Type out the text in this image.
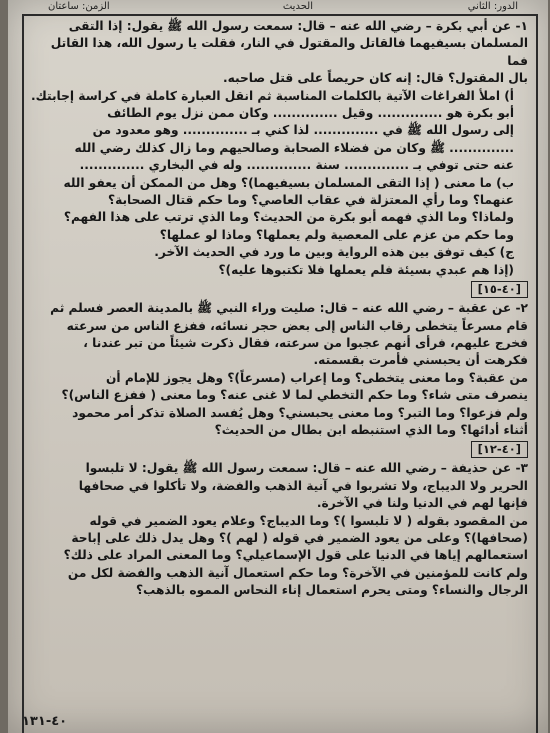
الزمن: ساعتان	الحديث	الدور: الثاني

١- عن أبي بكرة – رضي الله عنه – قال: سمعت رسول الله ﷺ يقول: إذا التقى

المسلمان بسيفيهما فالقاتل والمقتول في النار، فقلت يا رسول الله، هذا القاتل فما

بال المقتول؟ قال: إنه كان حريصاً على قتل صاحبه.

أ) املأ الفراغات الآتية بالكلمات المناسبة ثم انقل العبارة كاملة في كراسة إجابتك.

أبو بكرة هو .............. وقيل .............. وكان ممن نزل يوم الطائف

إلى رسول الله ﷺ في .............. لذا كني بـ .............. وهو معدود من

.............. ﷺ وكان من فضلاء الصحابة وصالحيهم وما زال كذلك رضي الله

عنه حتى توفي بـ .............. سنة .............. وله في البخاري ..............

ب) ما معنى ( إذا التقى المسلمان بسيفيهما)؟ وهل من الممكن أن يعفو الله

عنهما؟ وما رأي المعتزلة في عقاب العاصي؟ وما حكم قتال الصحابة؟

ولماذا؟ وما الذي فهمه أبو بكرة من الحديث؟ وما الذي ترتب على هذا الفهم؟

وما حكم من عزم على المعصية ولم يعملها؟ وماذا لو عملها؟

ج) كيف توفق بين هذه الرواية وبين ما ورد في الحديث الآخر.

(إذا هم عبدي بسيئة فلم يعملها فلا تكتبوها عليه)؟

[٤٠-١٥]

٢- عن عقبة – رضي الله عنه – قال: صليت وراء النبي ﷺ بالمدينة العصر فسلم ثم

قام مسرعاً يتخطى رقاب الناس إلى بعض حجر نسائه، ففزع الناس من سرعته

فخرج عليهم، فرأى أنهم عجبوا من سرعته، فقال ذكرت شيئاً من تبر عندنا ،

فكرهت أن يحبسني فأمرت بقسمته.

من عقبة؟ وما معنى يتخطى؟ وما إعراب (مسرعاً)؟ وهل يجوز للإمام أن

ينصرف متى شاء؟ وما حكم التخطي لما لا غنى عنه؟ وما معنى ( ففزع الناس)؟

ولم فزعوا؟ وما التبر؟ وما معنى يحبسني؟ وهل يُفسد الصلاة تذكر أمر محمود

أثناء أدائها؟ وما الذي استنبطه ابن بطال من الحديث؟

[٤٠-١٢]

٣- عن حذيفة – رضي الله عنه – قال: سمعت رسول الله ﷺ يقول: لا تلبسوا

الحرير ولا الديباج، ولا تشربوا في آنية الذهب والفضة، ولا تأكلوا في صحافها

فإنها لهم في الدنيا ولنا في الآخرة.

من المقصود بقوله ( لا تلبسوا )؟ وما الديباج؟ وعلام يعود الضمير في قوله

(صحافها)؟ وعلى من يعود الضمير في قوله ( لهم )؟ وهل يدل ذلك على إباحة

استعمالهم إياها في الدنيا على قول الإسماعيلي؟ وما المعنى المراد على ذلك؟

ولم كانت للمؤمنين في الآخرة؟ وما حكم استعمال آنية الذهب والفضة لكل من

الرجال والنساء؟ ومتى يحرم استعمال إناء النحاس المموه بالذهب؟

٤٠-١٣١
